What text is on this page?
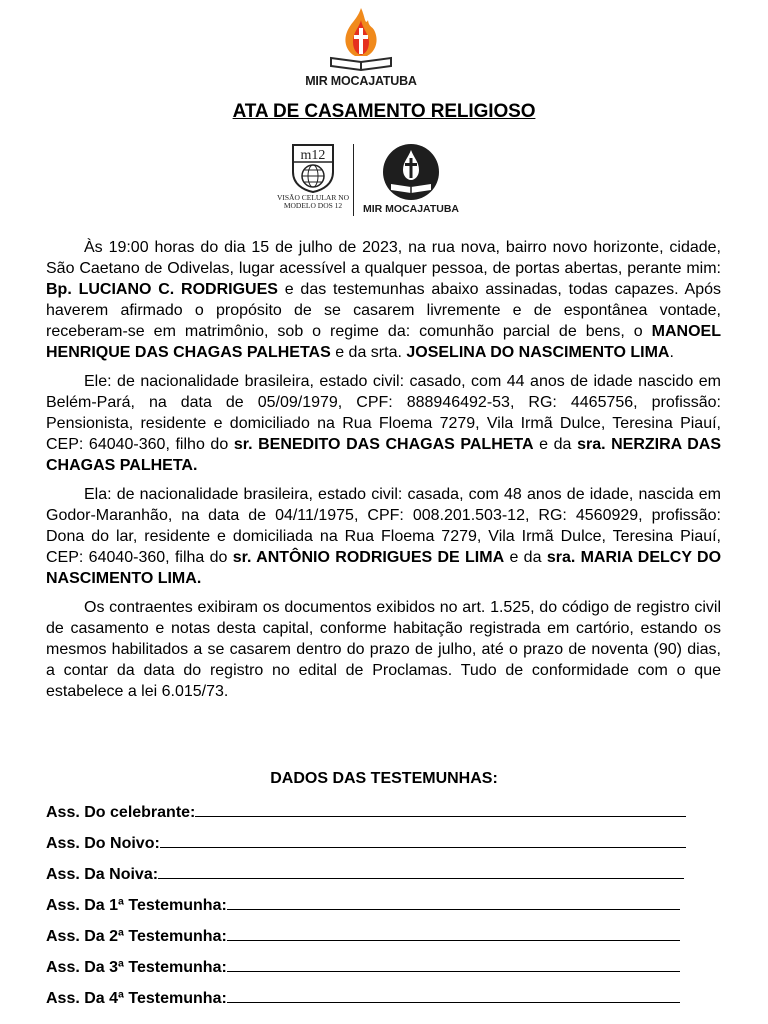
MIR MOCAJATUBA
ATA DE CASAMENTO RELIGIOSO
m12
VISÃO CELULAR NO
MODELO DOS 12	MIR MOCAJATUBA

Às 19:00 horas do dia 15 de julho de 2023, na rua nova, bairro novo horizonte, cidade, São Caetano de Odivelas, lugar acessível a qualquer pessoa, de portas abertas, perante mim: Bp. LUCIANO C. RODRIGUES e das testemunhas abaixo assinadas, todas capazes. Após haverem afirmado o propósito de se casarem livremente e de espontânea vontade, receberam-se em matrimônio, sob o regime da: comunhão parcial de bens, o MANOEL HENRIQUE DAS CHAGAS PALHETAS e da srta. JOSELINA DO NASCIMENTO LIMA.

Ele: de nacionalidade brasileira, estado civil: casado, com 44 anos de idade nascido em Belém-Pará, na data de 05/09/1979, CPF: 888946492-53, RG: 4465756, profissão: Pensionista, residente e domiciliado na Rua Floema 7279, Vila Irmã Dulce, Teresina Piauí, CEP: 64040-360, filho do sr. BENEDITO DAS CHAGAS PALHETA e da sra. NERZIRA DAS CHAGAS PALHETA.

Ela: de nacionalidade brasileira, estado civil: casada, com 48 anos de idade, nascida em Godor-Maranhão, na data de 04/11/1975, CPF: 008.201.503-12, RG: 4560929, profissão: Dona do lar, residente e domiciliada na Rua Floema 7279, Vila Irmã Dulce, Teresina Piauí, CEP: 64040-360, filha do sr. ANTÔNIO RODRIGUES DE LIMA e da sra. MARIA DELCY DO NASCIMENTO LIMA.

Os contraentes exibiram os documentos exibidos no art. 1.525, do código de registro civil de casamento e notas desta capital, conforme habitação registrada em cartório, estando os mesmos habilitados a se casarem dentro do prazo de julho, até o prazo de noventa (90) dias, a contar da data do registro no edital de Proclamas. Tudo de conformidade com o que estabelece a lei 6.015/73.

DADOS DAS TESTEMUNHAS:
Ass. Do celebrante:
Ass. Do Noivo:
Ass. Da Noiva:
Ass. Da 1ª Testemunha:
Ass. Da 2ª Testemunha:
Ass. Da 3ª Testemunha:
Ass. Da 4ª Testemunha:
